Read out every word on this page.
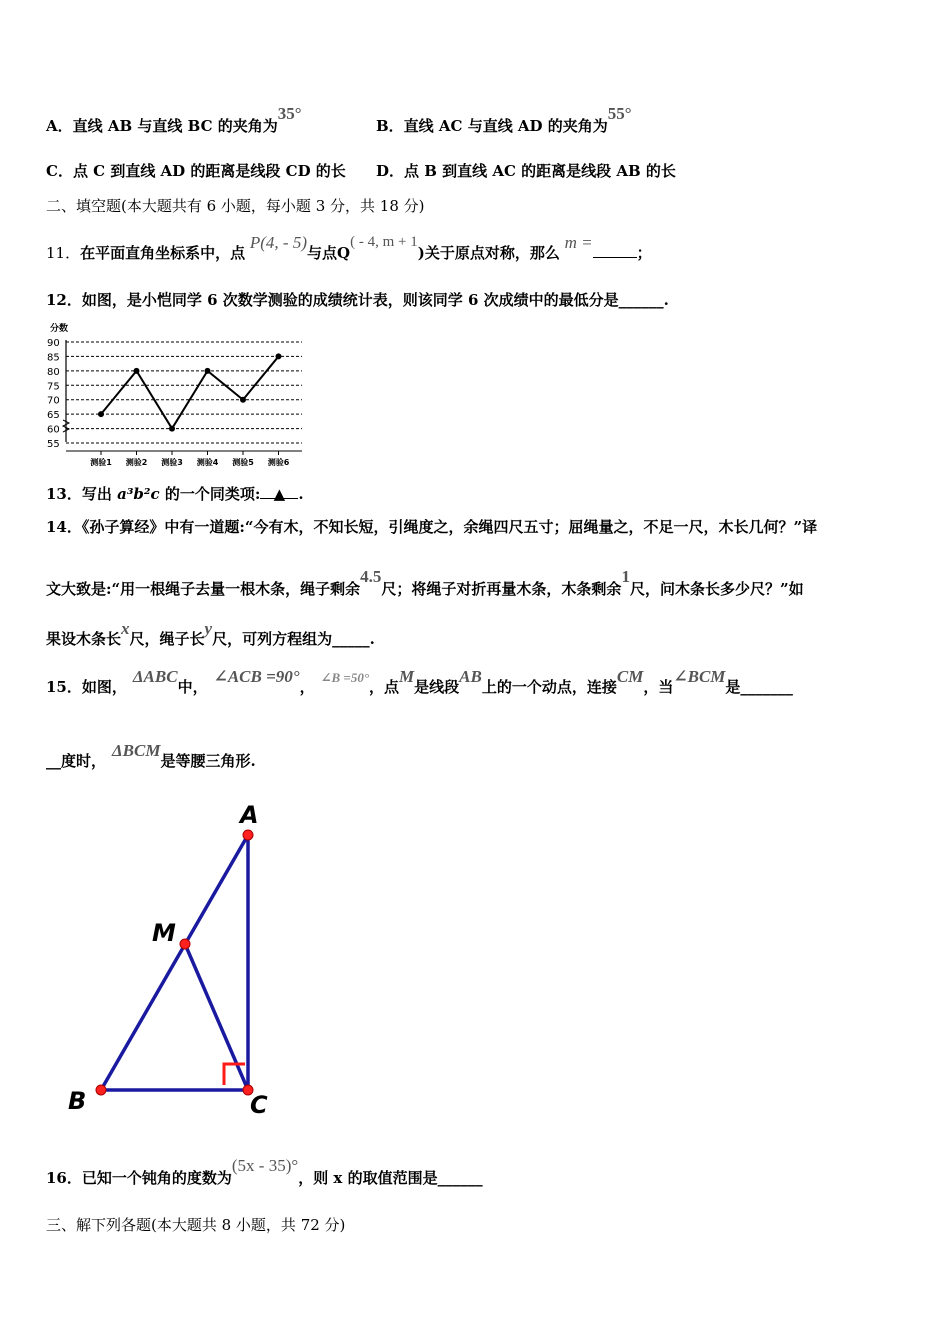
A．直线 AB 与直线 BC 的夹角为35°
B．直线 AC 与直线 AD 的夹角为55°
C．点 C 到直线 AD 的距离是线段 CD 的长 D．点 B 到直线 AC 的距离是线段 AB 的长
二、填空题(本大题共有 6 小题，每小题 3 分，共 18 分)
11．在平面直角坐标系中，点 P(4, - 5)与点Q( - 4, m + 1)关于原点对称，那么 m =；
12．如图，是小恺同学 6 次数学测验的成绩统计表，则该同学 6 次成绩中的最低分是______.
分数
55
60
65
70
75
80
85
90
测验1 测验2 测验3 测验4 测验5 测验6
13．写出 a³b²c 的一个同类项: ▲ .
14．《孙子算经》中有一道题:“今有木，不知长短，引绳度之，余绳四尺五寸；屈绳量之，不足一尺，木长几何？”译
文大致是:“用一根绳子去量一根木条，绳子剩余4.5尺；将绳子对折再量木条，木条剩余1尺，问木条长多少尺？”如
果设木条长x尺，绳子长y尺，可列方程组为_____.
15．如图，ΔABC中，∠ACB =90°，∠B =50°，点M是线段AB上的一个动点，连接CM，当∠BCM是_______
__度时，ΔBCM是等腰三角形.
A
M
B	C
16．已知一个钝角的度数为(5x - 35)°，则 x 的取值范围是______
三、解下列各题(本大题共 8 小题，共 72 分)
